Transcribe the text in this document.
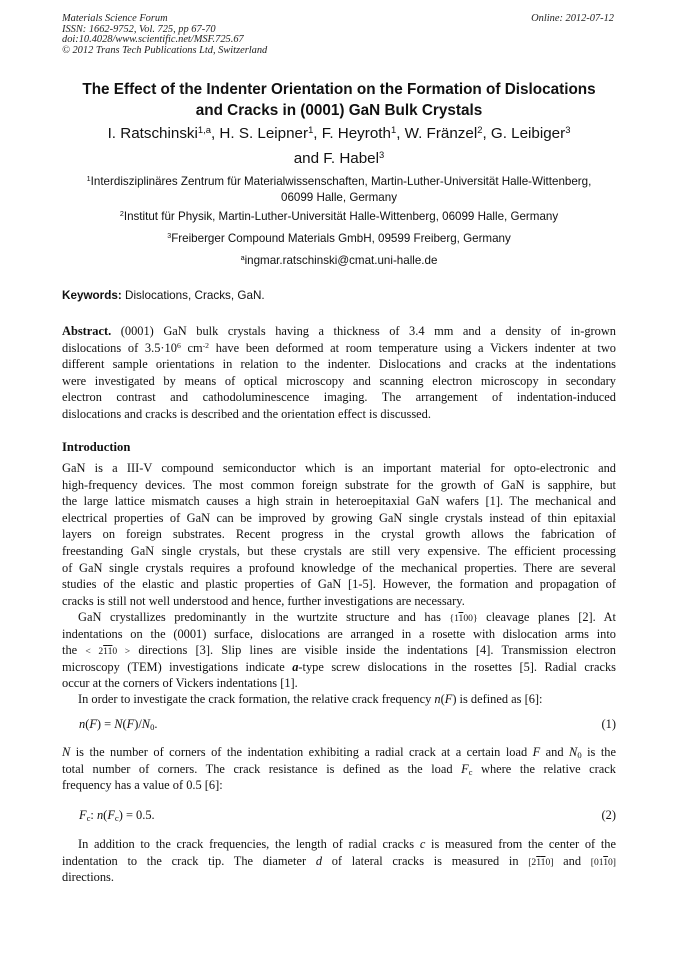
Materials Science Forum
ISSN: 1662-9752, Vol. 725, pp 67-70
doi:10.4028/www.scientific.net/MSF.725.67
© 2012 Trans Tech Publications Ltd, Switzerland
Online: 2012-07-12
The Effect of the Indenter Orientation on the Formation of Dislocations
and Cracks in (0001) GaN Bulk Crystals
I. Ratschinski$^{1,a}$, H. S. Leipner$^1$, F. Heyroth$^1$, W. Fränzel$^2$, G. Leibiger$^3$
and F. Habel$^3$
$^1$Interdisziplinäres Zentrum für Materialwissenschaften, Martin-Luther-Universität Halle-Wittenberg,
06099 Halle, Germany
$^2$Institut für Physik, Martin-Luther-Universität Halle-Wittenberg, 06099 Halle, Germany
$^3$Freiberger Compound Materials GmbH, 09599 Freiberg, Germany
$^a$ingmar.ratschinski@cmat.uni-halle.de
Keywords: Dislocations, Cracks, GaN.
Abstract. (0001) GaN bulk crystals having a thickness of 3.4 mm and a density of in-grown
dislocations of $3.5\cdot 10^6$ $cm^{-2}$ have been deformed at room temperature using a Vickers indenter at two
different sample orientations in relation to the indenter. Dislocations and cracks at the indentations
were investigated by means of optical microscopy and scanning electron microscopy in secondary
electron contrast and cathodoluminescence imaging. The arrangement of indentation-induced
dislocations and cracks is described and the orientation effect is discussed.
Introduction
GaN is a III-V compound semiconductor which is an important material for opto-electronic and
high-frequency devices. The most common foreign substrate for the growth of GaN is sapphire, but
the large lattice mismatch causes a high strain in heteroepitaxial GaN wafers [1]. The mechanical and
electrical properties of GaN can be improved by growing GaN single crystals instead of thin epitaxial
layers on foreign substrates. Recent progress in the crystal growth allows the fabrication of
freestanding GaN single crystals, but these crystals are still very expensive. The efficient processing
of GaN single crystals requires a profound knowledge of the mechanical properties. There are several
studies of the elastic and plastic properties of GaN [1-5]. However, the formation and propagation of
cracks is still not well understood and hence, further investigations are necessary.
GaN crystallizes predominantly in the wurtzite structure and has {1100} cleavage planes [2]. At
indentations on the (0001) surface, dislocations are arranged in a rosette with dislocation arms into
the < 2110 > directions [3]. Slip lines are visible inside the indentations [4]. Transmission electron
microscopy (TEM) investigations indicate a-type screw dislocations in the rosettes [5]. Radial cracks
occur at the corners of Vickers indentations [1].
In order to investigate the crack formation, the relative crack frequency n(F) is defined as [6]:
$n(F) = N(F)/N_0$.	(1)
N is the number of corners of the indentation exhibiting a radial crack at a certain load F and $N_0$ is the
total number of corners. The crack resistance is defined as the load $F_c$ where the relative crack
frequency has a value of 0.5 [6]:
$F_c$: $n(F_c) = 0.5$.	(2)
In addition to the crack frequencies, the length of radial cracks c is measured from the center of the
indentation to the crack tip. The diameter d of lateral cracks is measured in [2110] and [0110]
directions.
